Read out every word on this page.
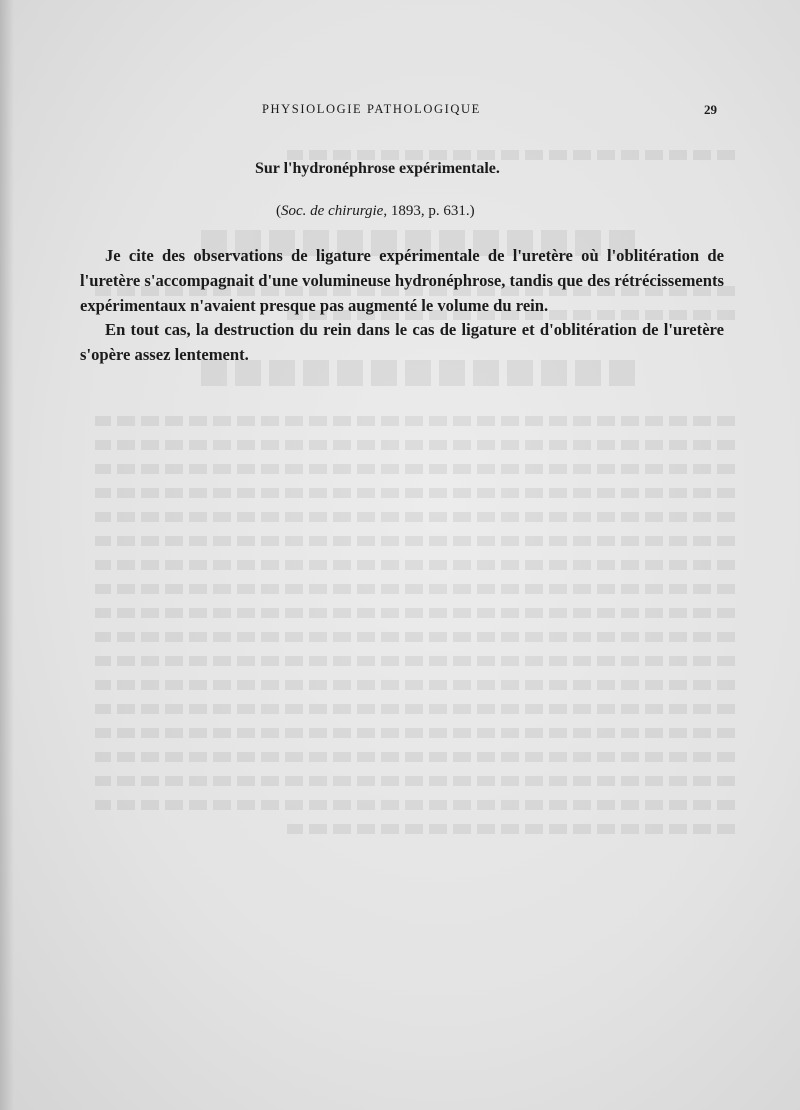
PHYSIOLOGIE PATHOLOGIQUE	29
Sur l'hydronéphrose expérimentale.
(Soc. de chirurgie, 1893, p. 631.)

Je cite des observations de ligature expérimentale de l'uretère où l'oblitération de l'uretère s'accompagnait d'une volumineuse hydronéphrose, tandis que des rétrécissements expérimentaux n'avaient presque pas augmenté le volume du rein.

En tout cas, la destruction du rein dans le cas de ligature et d'oblitération de l'uretère s'opère assez lentement.
